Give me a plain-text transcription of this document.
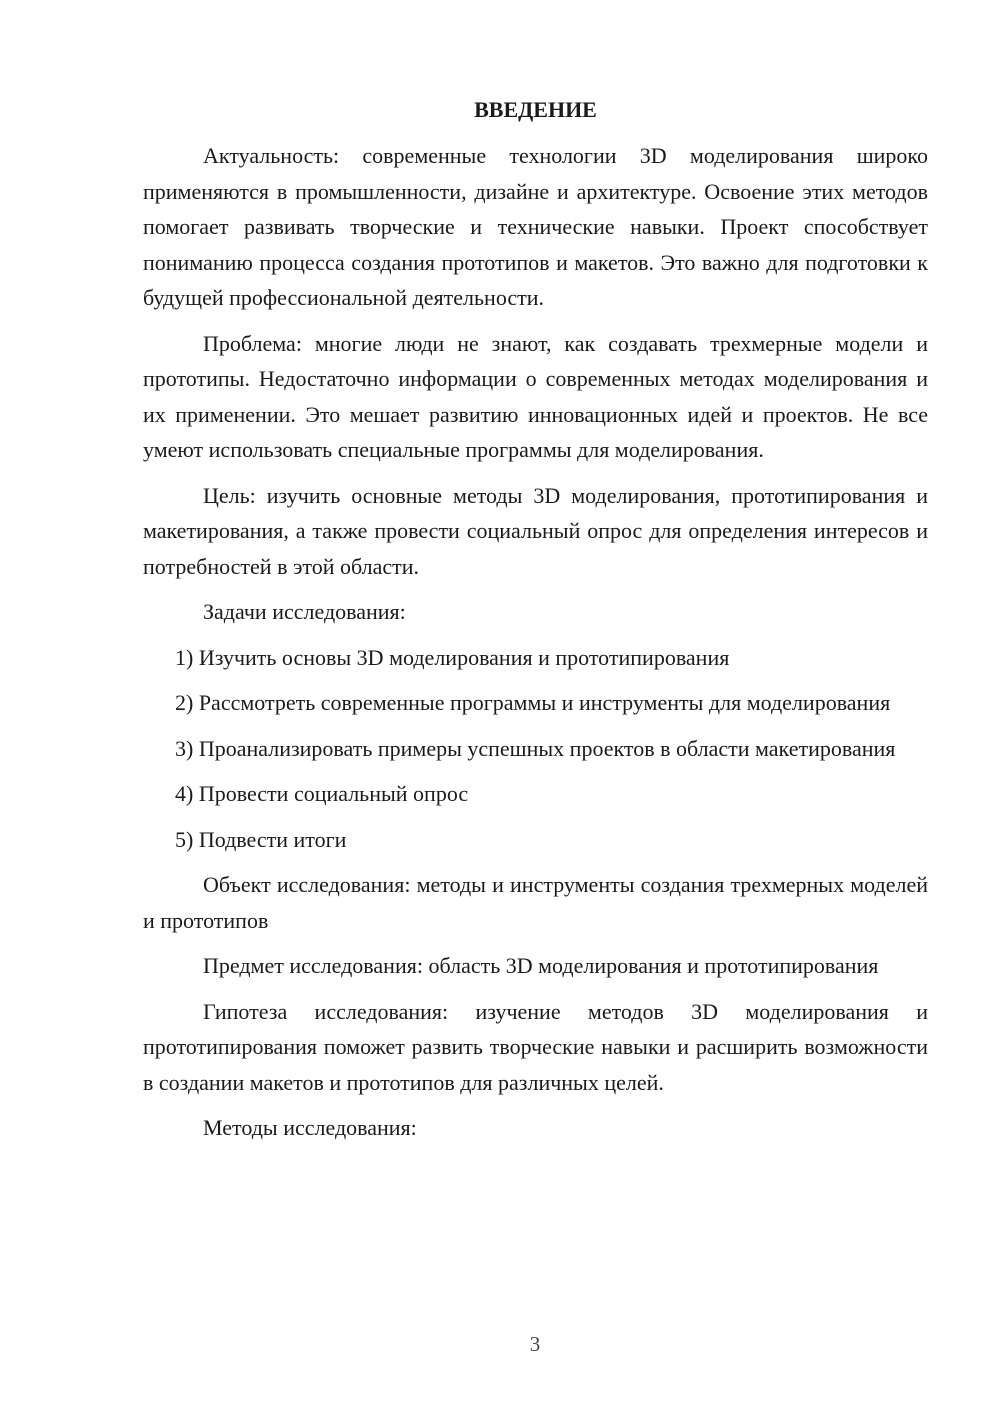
ВВЕДЕНИЕ

Актуальность: современные технологии 3D моделирования широко применяются в промышленности, дизайне и архитектуре. Освоение этих методов помогает развивать творческие и технические навыки. Проект способствует пониманию процесса создания прототипов и макетов. Это важно для подготовки к будущей профессиональной деятельности.

Проблема: многие люди не знают, как создавать трехмерные модели и прототипы. Недостаточно информации о современных методах моделирования и их применении. Это мешает развитию инновационных идей и проектов. Не все умеют использовать специальные программы для моделирования.

Цель: изучить основные методы 3D моделирования, прототипирования и макетирования, а также провести социальный опрос для определения интересов и потребностей в этой области.

Задачи исследования:

1) Изучить основы 3D моделирования и прототипирования

2) Рассмотреть современные программы и инструменты для моделирования

3) Проанализировать примеры успешных проектов в области макетирования

4) Провести социальный опрос

5) Подвести итоги

Объект исследования: методы и инструменты создания трехмерных моделей и прототипов

Предмет исследования: область 3D моделирования и прототипирования

Гипотеза исследования: изучение методов 3D моделирования и прототипирования поможет развить творческие навыки и расширить возможности в создании макетов и прототипов для различных целей.

Методы исследования:

3
